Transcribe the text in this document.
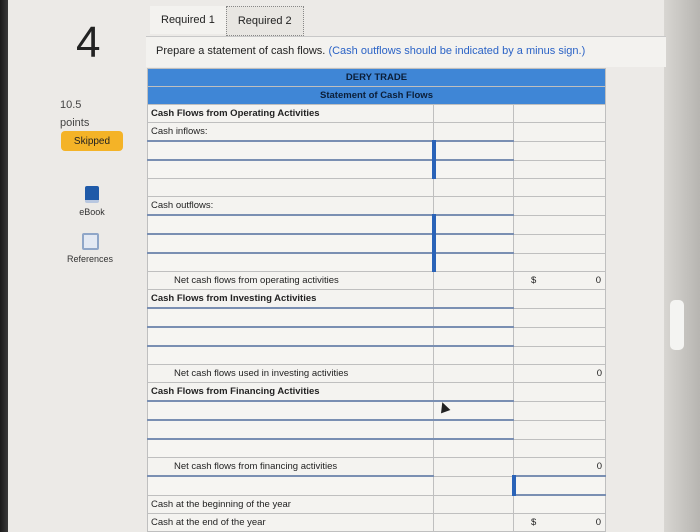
4
10.5
points
Skipped
eBook
References
Required 1	Required 2
Prepare a statement of cash flows. (Cash outflows should be indicated by a minus sign.)
DERY TRADE		
Statement of Cash Flows		
Cash Flows from Operating Activities		
Cash inflows:		

Cash outflows:		

Net cash flows from operating activities		$ 0
Cash Flows from Investing Activities		

Net cash flows used in investing activities		0
Cash Flows from Financing Activities		

Net cash flows from financing activities		0

Cash at the beginning of the year		
Cash at the end of the year		$ 0
